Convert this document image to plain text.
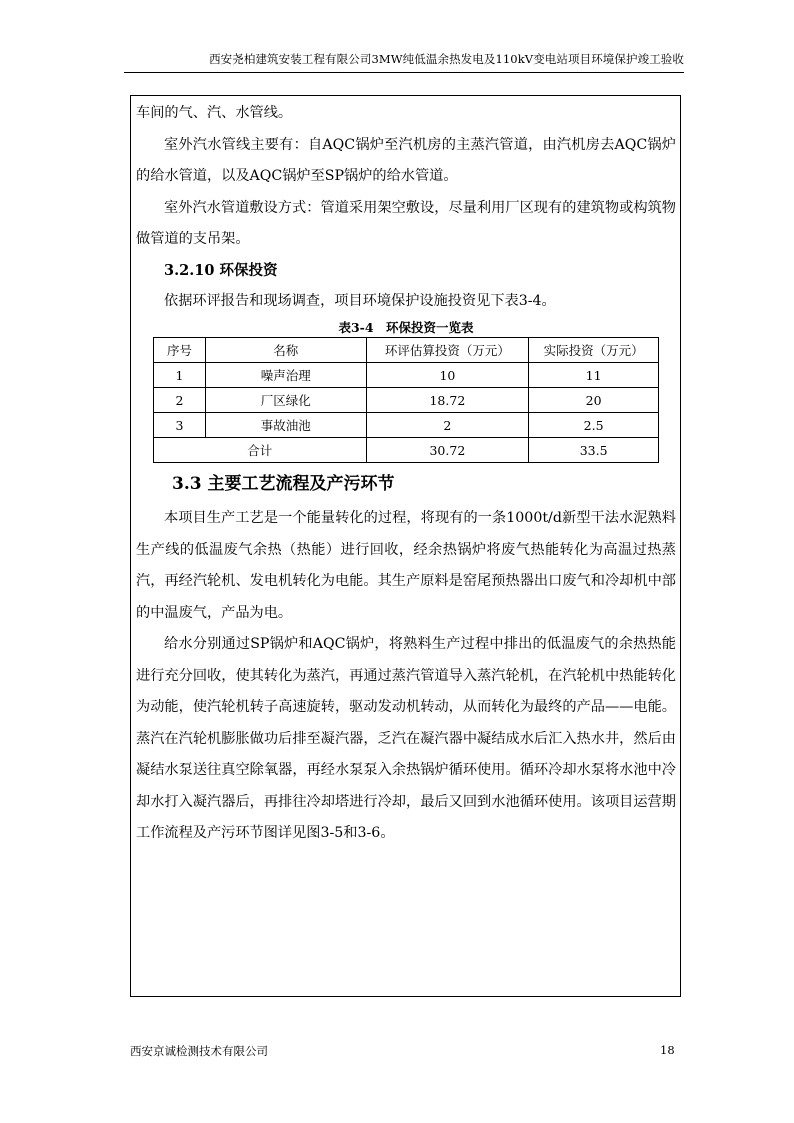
西安尧柏建筑安装工程有限公司3MW纯低温余热发电及110kV变电站项目环境保护竣工验收

车间的气、汽、水管线。

室外汽水管线主要有：自AQC锅炉至汽机房的主蒸汽管道，由汽机房去AQC锅炉的给水管道，以及AQC锅炉至SP锅炉的给水管道。

室外汽水管道敷设方式：管道采用架空敷设，尽量利用厂区现有的建筑物或构筑物做管道的支吊架。

3.2.10 环保投资

依据环评报告和现场调查，项目环境保护设施投资见下表3-4。

表3-4　环保投资一览表
序号	名称	环评估算投资（万元）	实际投资（万元）
1	噪声治理	10	11
2	厂区绿化	18.72	20
3	事故油池	2	2.5
合计		30.72	33.5

3.3 主要工艺流程及产污环节

本项目生产工艺是一个能量转化的过程，将现有的一条1000t/d新型干法水泥熟料生产线的低温废气余热（热能）进行回收，经余热锅炉将废气热能转化为高温过热蒸汽，再经汽轮机、发电机转化为电能。其生产原料是窑尾预热器出口废气和冷却机中部的中温废气，产品为电。

给水分别通过SP锅炉和AQC锅炉，将熟料生产过程中排出的低温废气的余热热能进行充分回收，使其转化为蒸汽，再通过蒸汽管道导入蒸汽轮机，在汽轮机中热能转化为动能，使汽轮机转子高速旋转，驱动发动机转动，从而转化为最终的产品——电能。蒸汽在汽轮机膨胀做功后排至凝汽器，乏汽在凝汽器中凝结成水后汇入热水井，然后由凝结水泵送往真空除氧器，再经水泵泵入余热锅炉循环使用。循环冷却水泵将水池中冷却水打入凝汽器后，再排往冷却塔进行冷却，最后又回到水池循环使用。该项目运营期工作流程及产污环节图详见图3-5和3-6。

西安京诚检测技术有限公司	18
